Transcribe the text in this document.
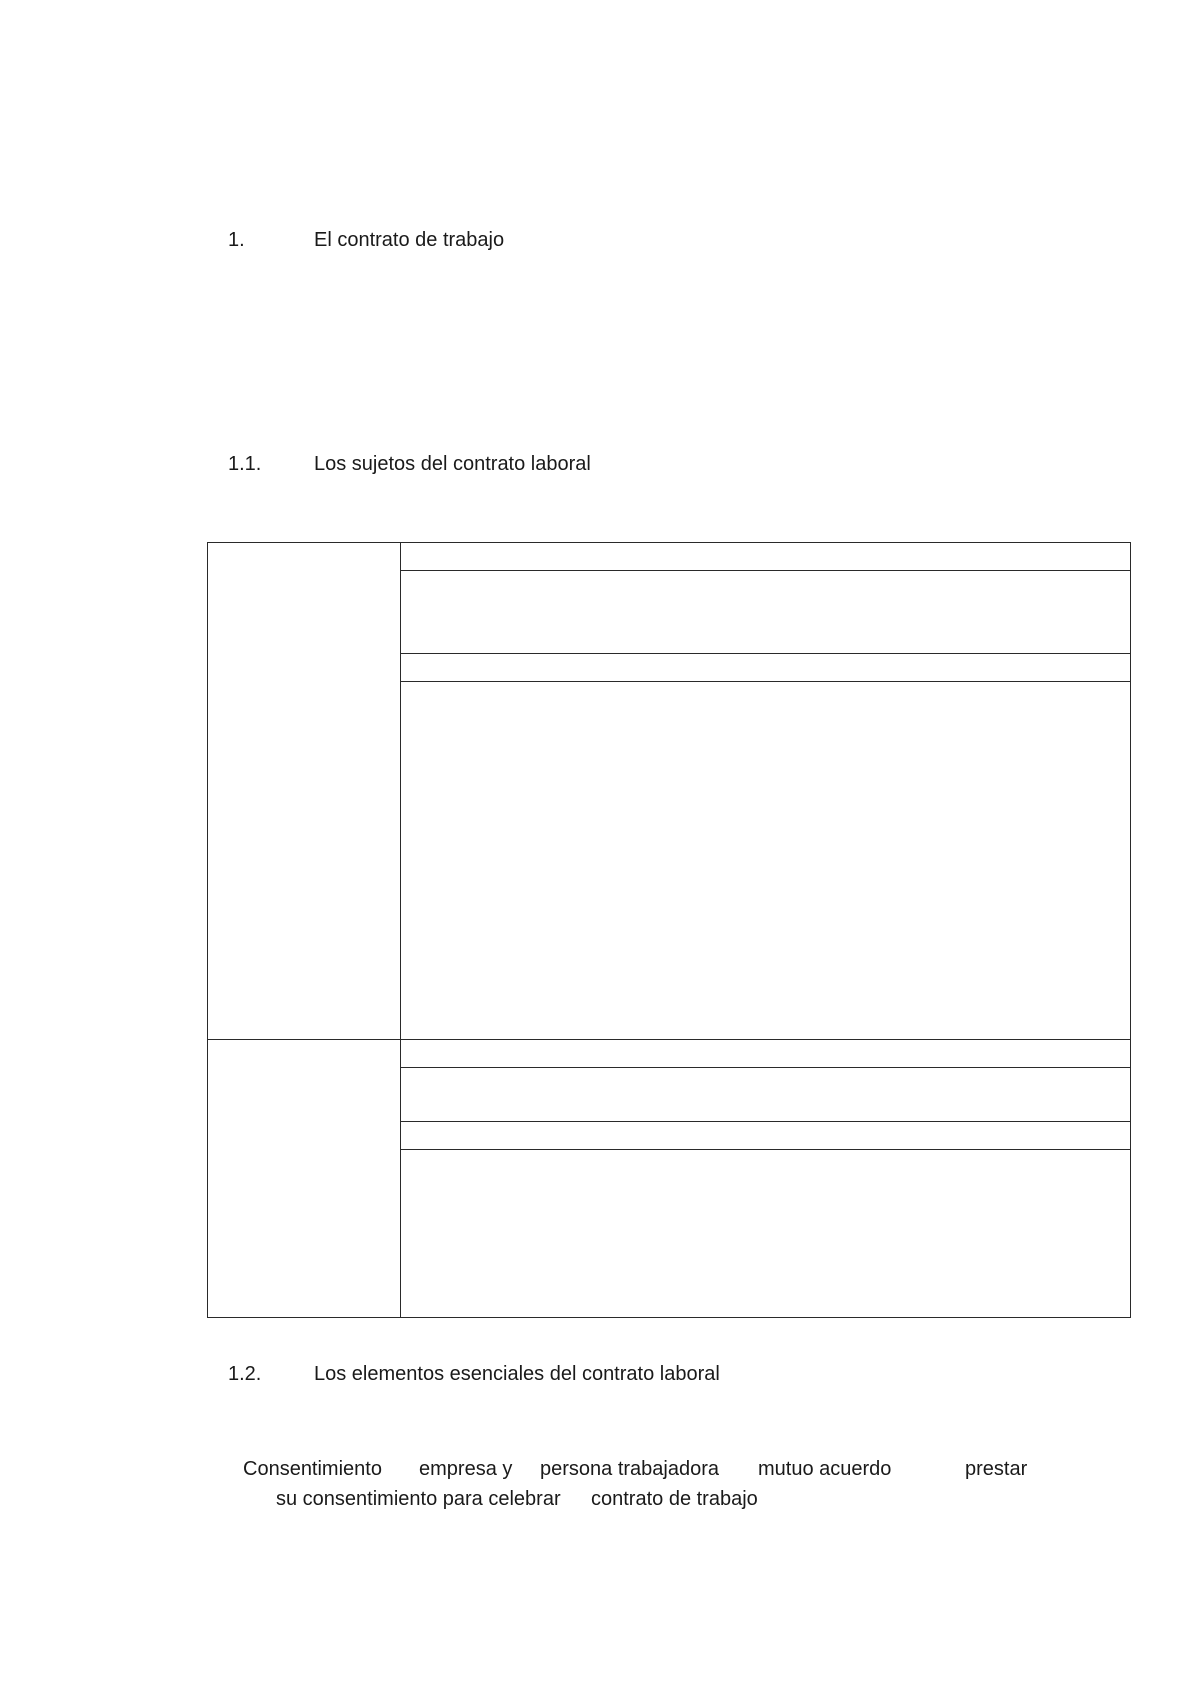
1.	El contrato de trabajo
1.1.	Los sujetos del contrato laboral
1.2.	Los elementos esenciales del contrato laboral
Consentimiento empresa y persona trabajadora mutuo acuerdo	prestar
su consentimiento para celebrar contrato de trabajo
